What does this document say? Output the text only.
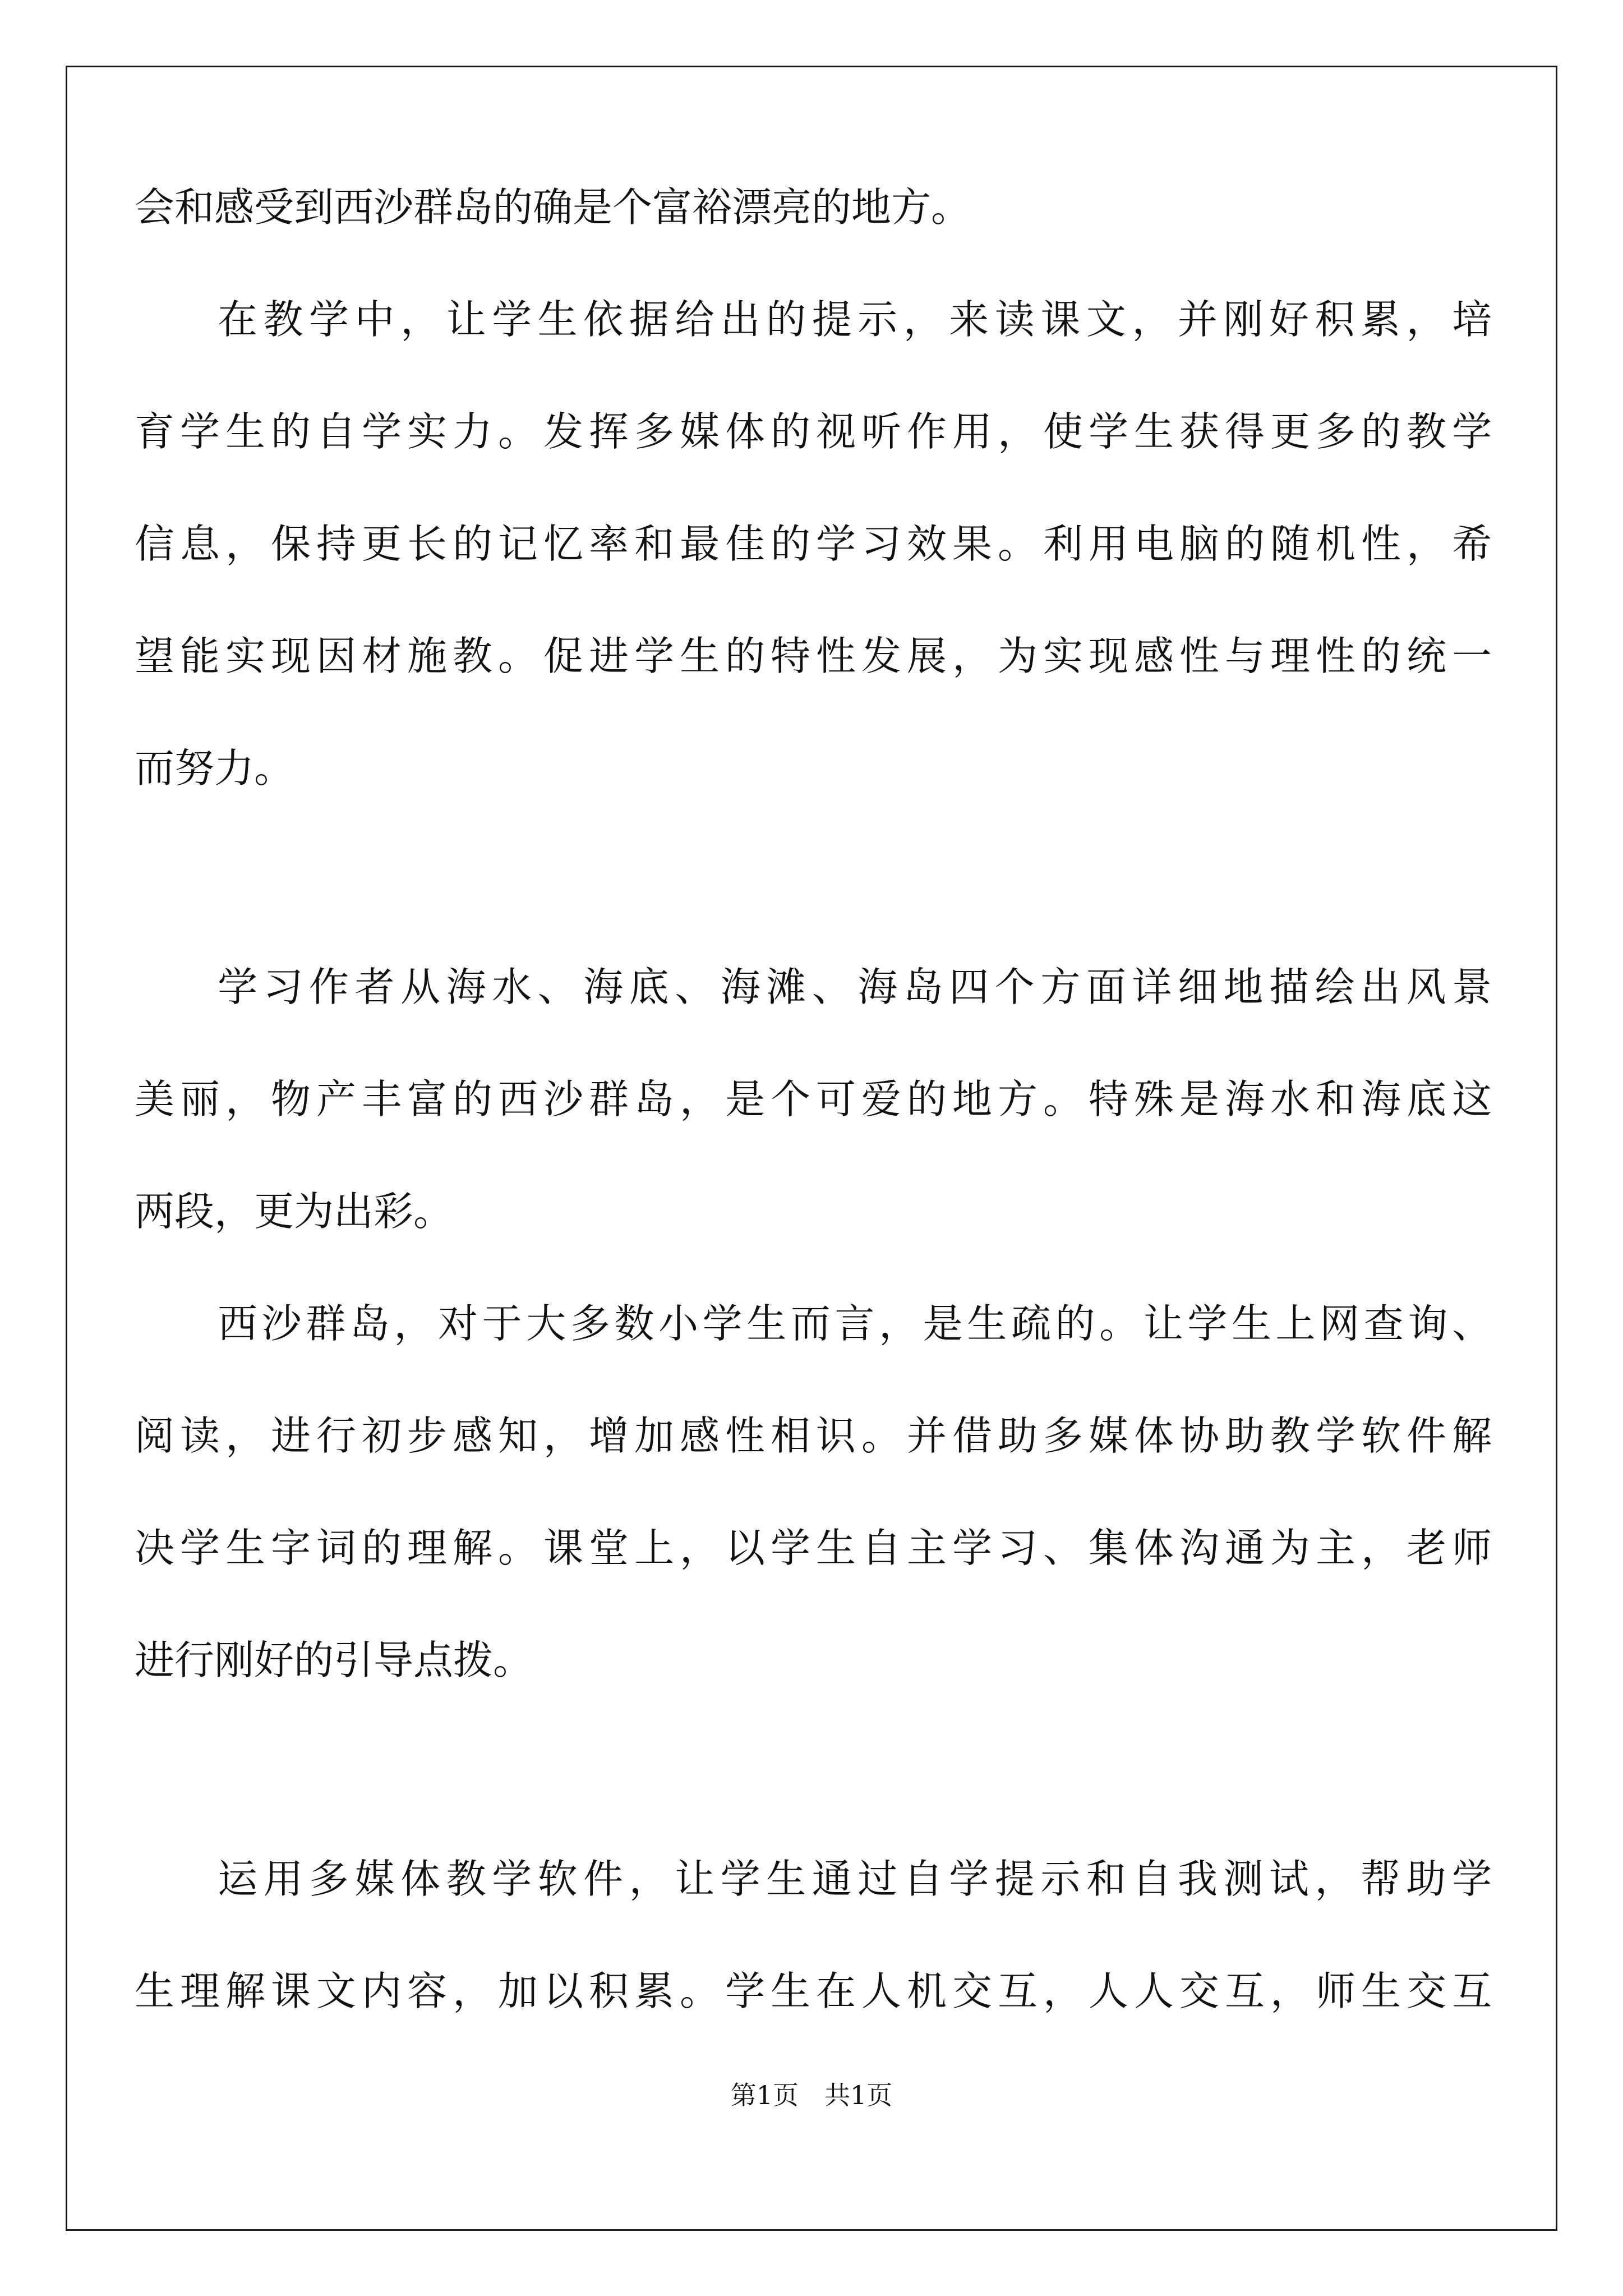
会和感受到西沙群岛的确是个富裕漂亮的地方。
在教学中，让学生依据给出的提示，来读课文，并刚好积累，培
育学生的自学实力。发挥多媒体的视听作用，使学生获得更多的教学
信息，保持更长的记忆率和最佳的学习效果。利用电脑的随机性，希
望能实现因材施教。促进学生的特性发展，为实现感性与理性的统一
而努力。
学习作者从海水、海底、海滩、海岛四个方面详细地描绘出风景
美丽，物产丰富的西沙群岛，是个可爱的地方。特殊是海水和海底这
两段，更为出彩。
西沙群岛，对于大多数小学生而言，是生疏的。让学生上网查询、
阅读，进行初步感知，增加感性相识。并借助多媒体协助教学软件解
决学生字词的理解。课堂上，以学生自主学习、集体沟通为主，老师
进行刚好的引导点拨。
运用多媒体教学软件，让学生通过自学提示和自我测试，帮助学
生理解课文内容，加以积累。学生在人机交互，人人交互，师生交互
第1页　共1页
